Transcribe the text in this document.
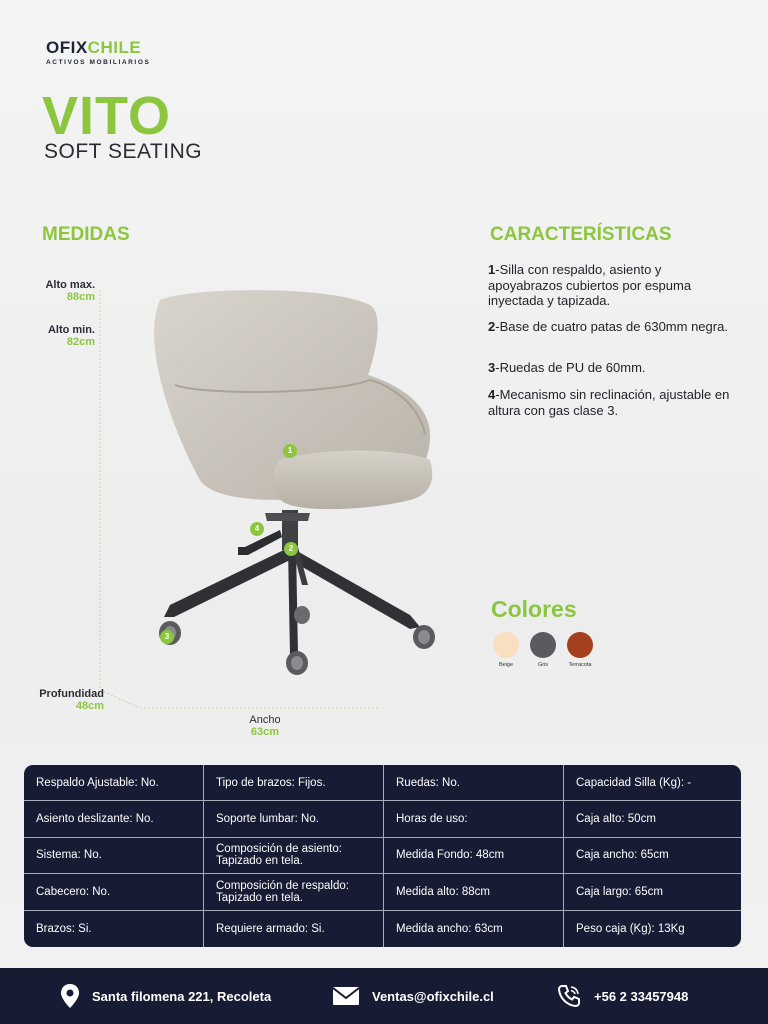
OFIXCHILE
ACTIVOS MOBILIARIOS
VITO
SOFT SEATING
MEDIDAS
Alto max.
88cm
Alto min.
82cm
Profundidad
48cm
Ancho
63cm
1
2
3
4
CARACTERÍSTICAS
1-Silla con respaldo, asiento y apoyabrazos cubiertos por espuma inyectada y tapizada.
2-Base de cuatro patas de 630mm negra.
3-Ruedas de PU de 60mm.
4-Mecanismo sin reclinación, ajustable en altura con gas clase 3.
Colores
Beige	Gris	Terracota
Respaldo Ajustable: No.	Tipo de brazos: Fijos.	Ruedas: No.	Capacidad Silla (Kg): -
Asiento deslizante: No.	Soporte lumbar: No.	Horas de uso:	Caja alto: 50cm
Sistema: No.	Composición de asiento: Tapizado en tela.	Medida Fondo: 48cm	Caja ancho: 65cm
Cabecero: No.	Composición de respaldo: Tapizado en tela.	Medida alto: 88cm	Caja largo: 65cm
Brazos: Si.	Requiere armado: Si.	Medida ancho: 63cm	Peso caja (Kg): 13Kg
Santa filomena 221, Recoleta	Ventas@ofixchile.cl	+56 2 33457948
